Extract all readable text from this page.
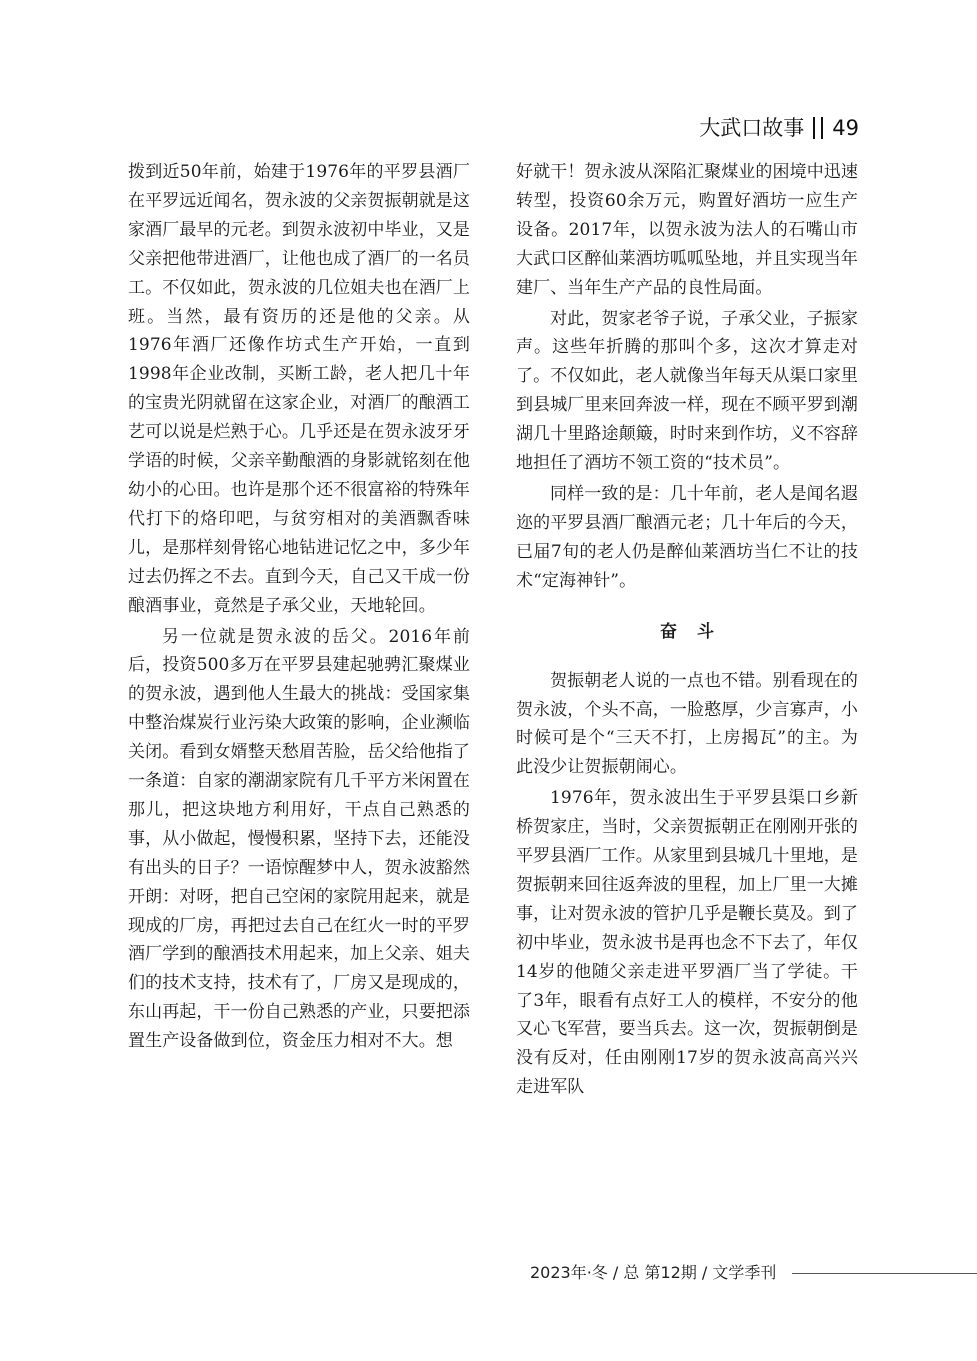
大武口故事 49

拨到近50年前，始建于1976年的平罗县酒厂在平罗远近闻名，贺永波的父亲贺振朝就是这家酒厂最早的元老。到贺永波初中毕业，又是父亲把他带进酒厂，让他也成了酒厂的一名员工。不仅如此，贺永波的几位姐夫也在酒厂上班。当然，最有资历的还是他的父亲。从1976年酒厂还像作坊式生产开始，一直到1998年企业改制，买断工龄，老人把几十年的宝贵光阴就留在这家企业，对酒厂的酿酒工艺可以说是烂熟于心。几乎还是在贺永波牙牙学语的时候，父亲辛勤酿酒的身影就铭刻在他幼小的心田。也许是那个还不很富裕的特殊年代打下的烙印吧，与贫穷相对的美酒飘香味儿，是那样刻骨铭心地钻进记忆之中，多少年过去仍挥之不去。直到今天，自己又干成一份酿酒事业，竟然是子承父业，天地轮回。

另一位就是贺永波的岳父。2016年前后，投资500多万在平罗县建起驰骋汇聚煤业的贺永波，遇到他人生最大的挑战：受国家集中整治煤炭行业污染大政策的影响，企业濒临关闭。看到女婿整天愁眉苦脸，岳父给他指了一条道：自家的潮湖家院有几千平方米闲置在那儿，把这块地方利用好，干点自己熟悉的事，从小做起，慢慢积累，坚持下去，还能没有出头的日子？一语惊醒梦中人，贺永波豁然开朗：对呀，把自己空闲的家院用起来，就是现成的厂房，再把过去自己在红火一时的平罗酒厂学到的酿酒技术用起来，加上父亲、姐夫们的技术支持，技术有了，厂房又是现成的，东山再起，干一份自己熟悉的产业，只要把添置生产设备做到位，资金压力相对不大。想

好就干！贺永波从深陷汇聚煤业的困境中迅速转型，投资60余万元，购置好酒坊一应生产设备。2017年，以贺永波为法人的石嘴山市大武口区醉仙莱酒坊呱呱坠地，并且实现当年建厂、当年生产产品的良性局面。

对此，贺家老爷子说，子承父业，子振家声。这些年折腾的那叫个多，这次才算走对了。不仅如此，老人就像当年每天从渠口家里到县城厂里来回奔波一样，现在不顾平罗到潮湖几十里路途颠簸，时时来到作坊，义不容辞地担任了酒坊不领工资的“技术员”。

同样一致的是：几十年前，老人是闻名遐迩的平罗县酒厂酿酒元老；几十年后的今天，已届7旬的老人仍是醉仙莱酒坊当仁不让的技术“定海神针”。

奋斗

贺振朝老人说的一点也不错。别看现在的贺永波，个头不高，一脸憨厚，少言寡声，小时候可是个“三天不打，上房揭瓦”的主。为此没少让贺振朝闹心。

1976年，贺永波出生于平罗县渠口乡新桥贺家庄，当时，父亲贺振朝正在刚刚开张的平罗县酒厂工作。从家里到县城几十里地，是贺振朝来回往返奔波的里程，加上厂里一大摊事，让对贺永波的管护几乎是鞭长莫及。到了初中毕业，贺永波书是再也念不下去了，年仅14岁的他随父亲走进平罗酒厂当了学徒。干了3年，眼看有点好工人的模样，不安分的他又心飞军营，要当兵去。这一次，贺振朝倒是没有反对，任由刚刚17岁的贺永波高高兴兴走进军队

2023年·冬 / 总 第12期 / 文学季刊
